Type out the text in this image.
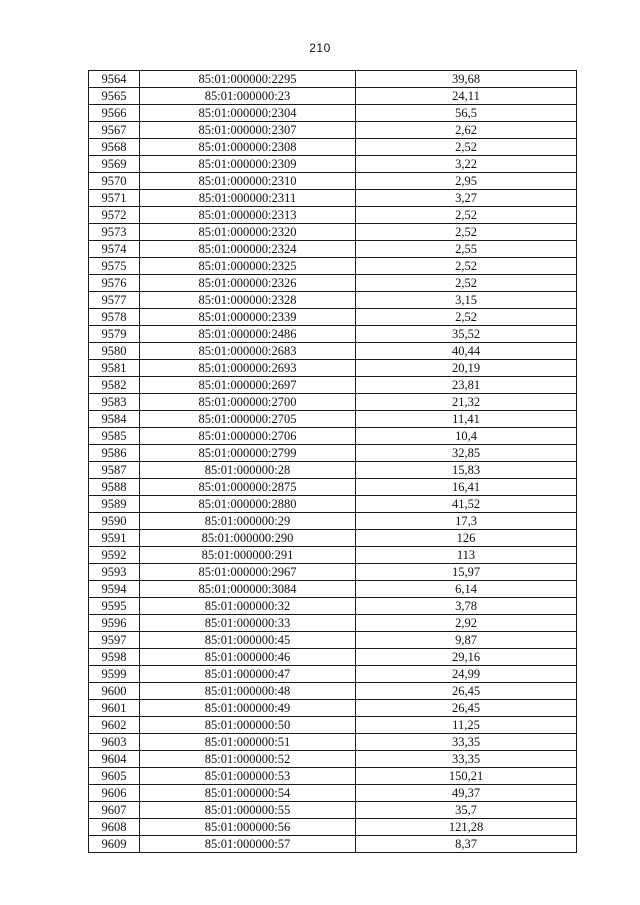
210
9564	85:01:000000:2295	39,68
9565	85:01:000000:23	24,11
9566	85:01:000000:2304	56,5
9567	85:01:000000:2307	2,62
9568	85:01:000000:2308	2,52
9569	85:01:000000:2309	3,22
9570	85:01:000000:2310	2,95
9571	85:01:000000:2311	3,27
9572	85:01:000000:2313	2,52
9573	85:01:000000:2320	2,52
9574	85:01:000000:2324	2,55
9575	85:01:000000:2325	2,52
9576	85:01:000000:2326	2,52
9577	85:01:000000:2328	3,15
9578	85:01:000000:2339	2,52
9579	85:01:000000:2486	35,52
9580	85:01:000000:2683	40,44
9581	85:01:000000:2693	20,19
9582	85:01:000000:2697	23,81
9583	85:01:000000:2700	21,32
9584	85:01:000000:2705	11,41
9585	85:01:000000:2706	10,4
9586	85:01:000000:2799	32,85
9587	85:01:000000:28	15,83
9588	85:01:000000:2875	16,41
9589	85:01:000000:2880	41,52
9590	85:01:000000:29	17,3
9591	85:01:000000:290	126
9592	85:01:000000:291	113
9593	85:01:000000:2967	15,97
9594	85:01:000000:3084	6,14
9595	85:01:000000:32	3,78
9596	85:01:000000:33	2,92
9597	85:01:000000:45	9,87
9598	85:01:000000:46	29,16
9599	85:01:000000:47	24,99
9600	85:01:000000:48	26,45
9601	85:01:000000:49	26,45
9602	85:01:000000:50	11,25
9603	85:01:000000:51	33,35
9604	85:01:000000:52	33,35
9605	85:01:000000:53	150,21
9606	85:01:000000:54	49,37
9607	85:01:000000:55	35,7
9608	85:01:000000:56	121,28
9609	85:01:000000:57	8,37
